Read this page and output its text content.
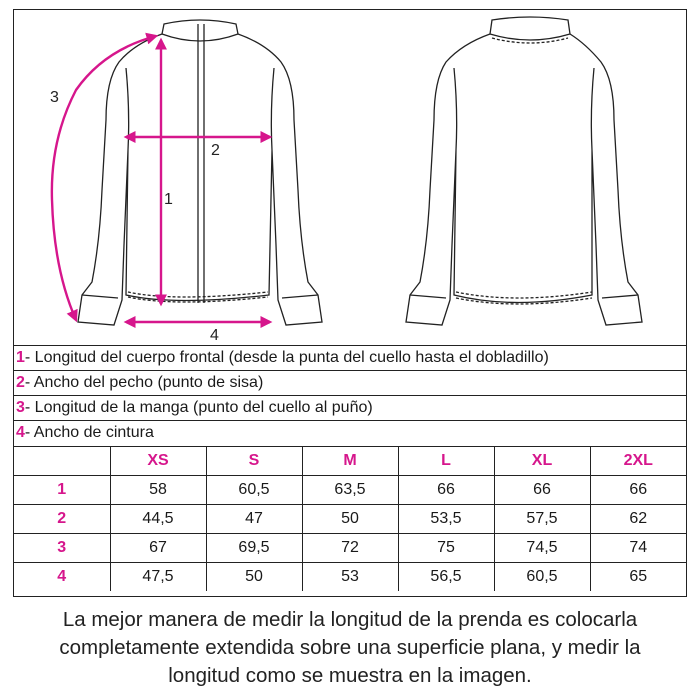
1
2
3
4
1- Longitud del cuerpo frontal (desde la punta del cuello hasta el dobladillo)
2- Ancho del pecho (punto de sisa)
3- Longitud de la manga (punto del cuello al puño)
4- Ancho de cintura
	XS	S	M	L	XL	2XL
1	58	60,5	63,5	66	66	66
2	44,5	47	50	53,5	57,5	62
3	67	69,5	72	75	74,5	74
4	47,5	50	53	56,5	60,5	65
La mejor manera de medir la longitud de la prenda es colocarla
completamente extendida sobre una superficie plana, y medir la
longitud como se muestra en la imagen.
